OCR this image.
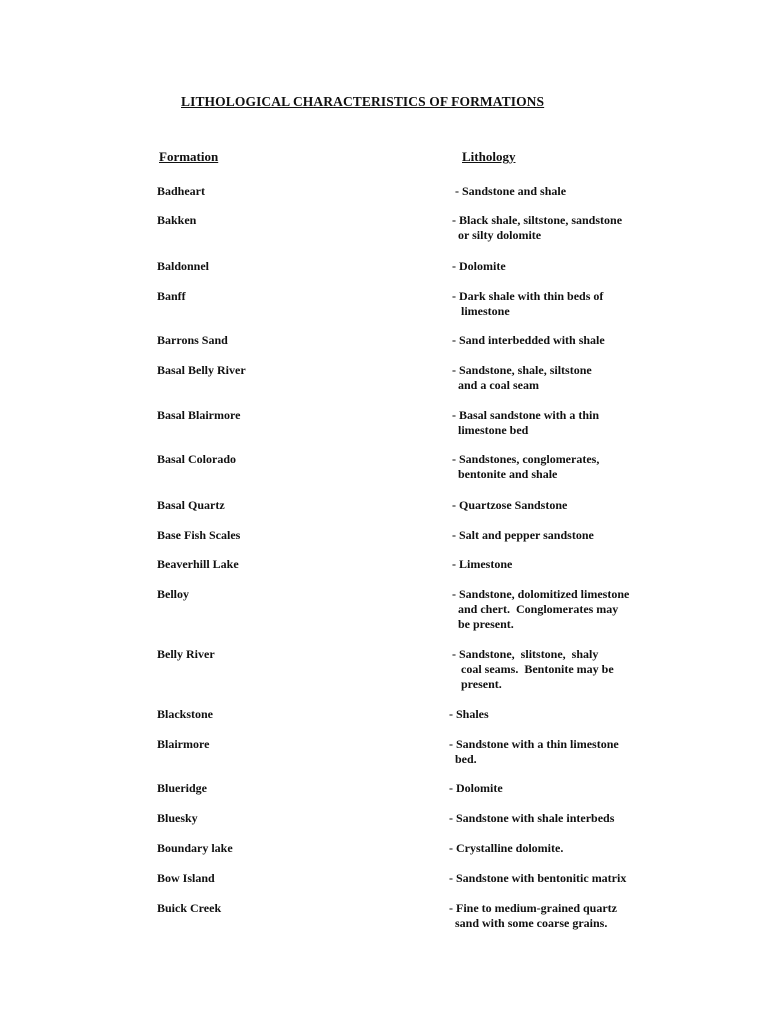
LITHOLOGICAL CHARACTERISTICS OF FORMATIONS
Formation	Lithology
Badheart	- Sandstone and shale
Bakken	- Black shale, siltstone, sandstone
or silty dolomite
Baldonnel	- Dolomite
Banff	- Dark shale with thin beds of
limestone
Barrons Sand	- Sand interbedded with shale
Basal Belly River	- Sandstone, shale, siltstone
and a coal seam
Basal Blairmore	- Basal sandstone with a thin
limestone bed
Basal Colorado	- Sandstones, conglomerates,
bentonite and shale
Basal Quartz	- Quartzose Sandstone
Base Fish Scales	- Salt and pepper sandstone
Beaverhill Lake	- Limestone
Belloy	- Sandstone, dolomitized limestone
and chert.  Conglomerates may
be present.
Belly River	- Sandstone,  slitstone,  shaly
coal seams.  Bentonite may be
present.
Blackstone	- Shales
Blairmore	- Sandstone with a thin limestone
bed.
Blueridge	- Dolomite
Bluesky	- Sandstone with shale interbeds
Boundary lake	- Crystalline dolomite.
Bow Island	- Sandstone with bentonitic matrix
Buick Creek	- Fine to medium-grained quartz
sand with some coarse grains.
